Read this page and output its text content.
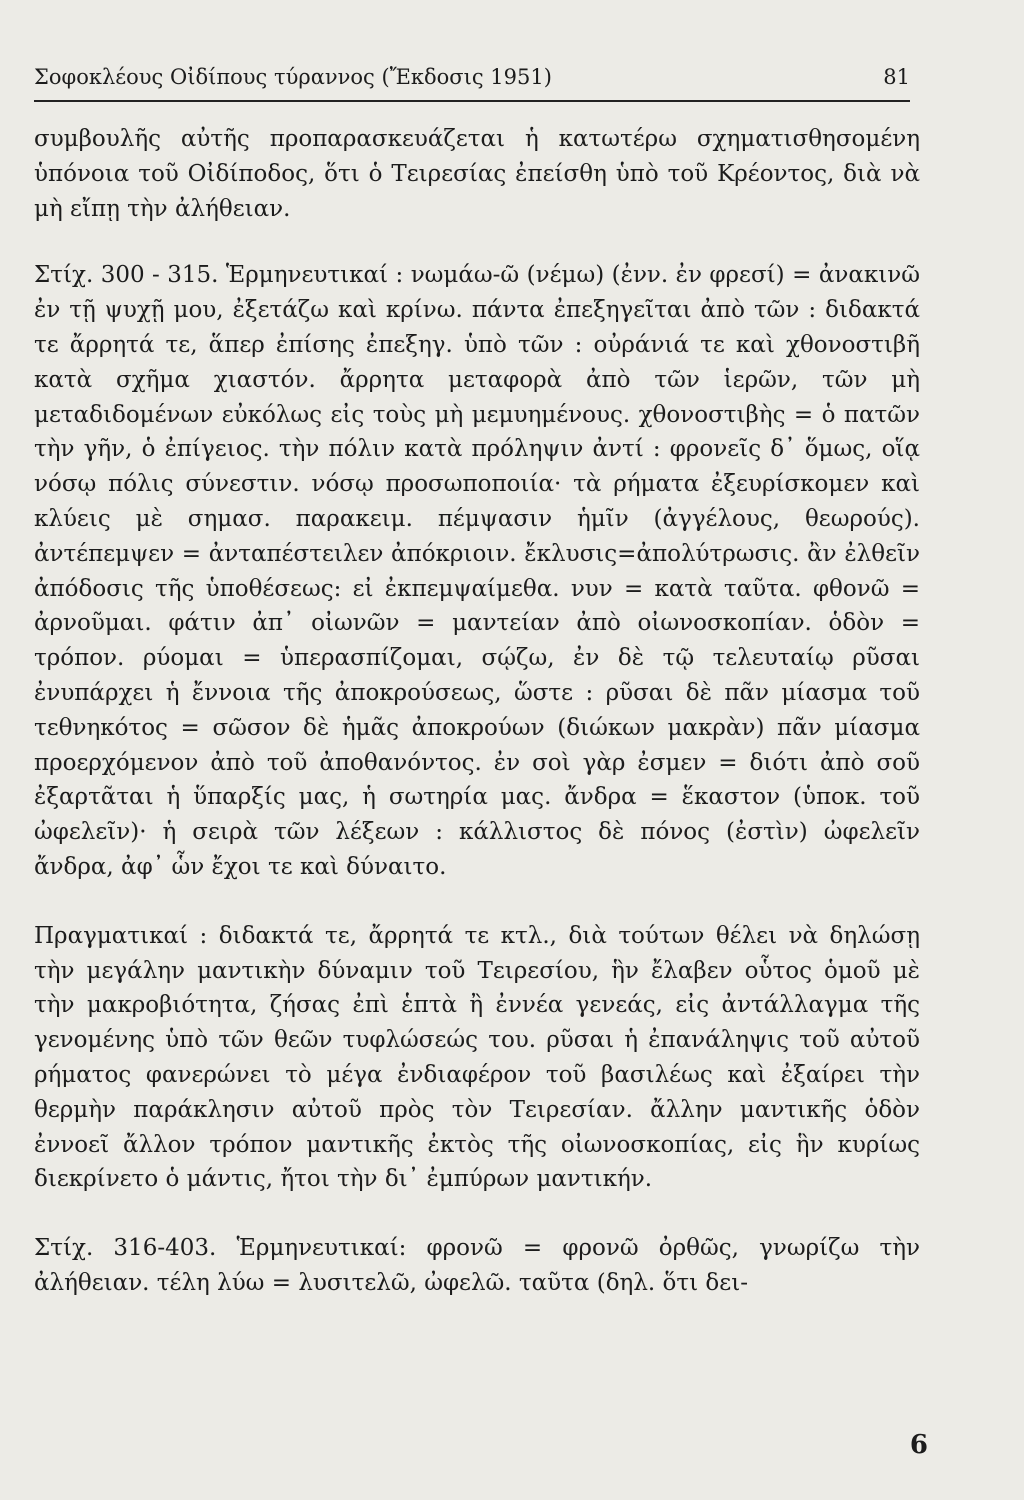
Σοφοκλέους Οἰδίπους τύραννος (Ἔκδοσις 1951)	81

συμβουλῆς αὐτῆς προπαρασκευάζεται ἡ κατωτέρω σχηματισθησομένη ὑπόνοια τοῦ Οἰδίποδος, ὅτι ὁ Τειρεσίας ἐπείσθη ὑπὸ τοῦ Κρέοντος, διὰ νὰ μὴ εἴπῃ τὴν ἀλήθειαν.

Στίχ. 300 - 315. Ἑρμηνευτικαί : νωμάω-ῶ (νέμω) (ἐνν. ἐν φρεσί) = ἀνακινῶ ἐν τῇ ψυχῇ μου, ἐξετάζω καὶ κρίνω. πάντα ἐπεξηγεῖται ἀπὸ τῶν : διδακτά τε ἄρρητά τε, ἅπερ ἐπίσης ἐπεξηγ. ὑπὸ τῶν : οὐράνιά τε καὶ χθονοστιβῆ κατὰ σχῆμα χιαστόν. ἄρρητα μεταφορὰ ἀπὸ τῶν ἱερῶν, τῶν μὴ μεταδιδομένων εὐκόλως εἰς τοὺς μὴ μεμυημένους. χθονοστιβὴς = ὁ πατῶν τὴν γῆν, ὁ ἐπίγειος. τὴν πόλιν κατὰ πρόληψιν ἀντί : φρονεῖς δ᾽ ὅμως, οἵᾳ νόσῳ πόλις σύνεστιν. νόσῳ προσωποποιία· τὰ ρήματα ἐξευρίσκομεν καὶ κλύεις μὲ σημασ. παρακειμ. πέμψασιν ἡμῖν (ἀγγέλους, θεωρούς). ἀντέπεμψεν = ἀνταπέστειλεν ἀπόκριοιν. ἔκλυσις=ἀπολύτρωσις. ἂν ἐλθεῖν ἀπόδοσις τῆς ὑποθέσεως: εἰ ἐκπεμψαίμεθα. νυν = κατὰ ταῦτα. φθονῶ = ἀρνοῦμαι. φάτιν ἀπ᾽ οἰωνῶν = μαντείαν ἀπὸ οἰωνοσκοπίαν. ὁδὸν = τρόπον. ρύομαι = ὑπερασπίζομαι, σῴζω, ἐν δὲ τῷ τελευταίῳ ρῦσαι ἐνυπάρχει ἡ ἔννοια τῆς ἀποκρούσεως, ὥστε : ρῦσαι δὲ πᾶν μίασμα τοῦ τεθνηκότος = σῶσον δὲ ἡμᾶς ἀποκρούων (διώκων μακρὰν) πᾶν μίασμα προερχόμενον ἀπὸ τοῦ ἀποθανόντος. ἐν σοὶ γὰρ ἐσμεν = διότι ἀπὸ σοῦ ἐξαρτᾶται ἡ ὕπαρξίς μας, ἡ σωτηρία μας. ἄνδρα = ἕκαστον (ὑποκ. τοῦ ὠφελεῖν)· ἡ σειρὰ τῶν λέξεων : κάλλιστος δὲ πόνος (ἐστὶν) ὠφελεῖν ἄνδρα, ἀφ᾽ ὧν ἔχοι τε καὶ δύναιτο.

Πραγματικαί : διδακτά τε, ἄρρητά τε κτλ., διὰ τούτων θέλει νὰ δηλώσῃ τὴν μεγάλην μαντικὴν δύναμιν τοῦ Τειρεσίου, ἣν ἔλαβεν οὗτος ὁμοῦ μὲ τὴν μακροβιότητα, ζήσας ἐπὶ ἑπτὰ ἢ ἐννέα γενεάς, εἰς ἀντάλλαγμα τῆς γενομένης ὑπὸ τῶν θεῶν τυφλώσεώς του. ρῦσαι ἡ ἐπανάληψις τοῦ αὐτοῦ ρήματος φανερώνει τὸ μέγα ἐνδιαφέρον τοῦ βασιλέως καὶ ἐξαίρει τὴν θερμὴν παράκλησιν αὐτοῦ πρὸς τὸν Τειρεσίαν. ἄλλην μαντικῆς ὁδὸν ἐννοεῖ ἄλλον τρόπον μαντικῆς ἐκτὸς τῆς οἰωνοσκοπίας, εἰς ἣν κυρίως διεκρίνετο ὁ μάντις, ἤτοι τὴν δι᾽ ἐμπύρων μαντικήν.

Στίχ. 316-403. Ἑρμηνευτικαί: φρονῶ = φρονῶ ὀρθῶς, γνωρίζω τὴν ἀλήθειαν. τέλη λύω = λυσιτελῶ, ὠφελῶ. ταῦτα (δηλ. ὅτι δει-

6
